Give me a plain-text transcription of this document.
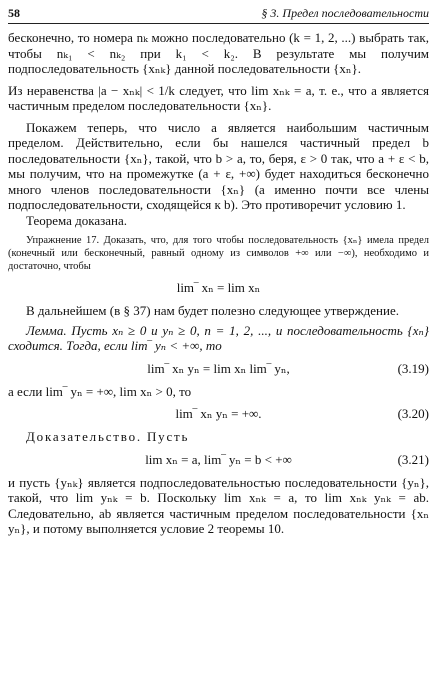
58	§ 3. Предел последовательности

бесконечно, то номера nₖ можно последовательно (k = 1, 2, ...) выбрать так, чтобы nₖ₁ < nₖ₂ при k₁ < k₂. В результате мы получим подпоследовательность {xₙₖ} данной последовательности {xₙ}.

Из неравенства |a − xₙₖ| < 1/k следует, что lim xₙₖ = a, т. е., что a является частичным пределом последовательности {xₙ}.

Покажем теперь, что число a является наибольшим частичным пределом. Действительно, если бы нашелся частичный предел b последовательности {xₙ}, такой, что b > a, то, беря, ε > 0 так, что a + ε < b, мы получим, что на промежутке (a + ε, +∞) будет находиться бесконечно много членов последовательности {xₙ} (а именно почти все члены подпоследовательности, сходящейся к b). Это противоречит условию 1.

Теорема доказана.

Упражнение 17. Доказать, что, для того чтобы последовательность {xₙ} имела предел (конечный или бесконечный, равный одному из символов +∞ или −∞), необходимо и достаточно, чтобы

lim‾ xₙ = lim xₙ

В дальнейшем (в § 37) нам будет полезно следующее утверждение.

Лемма. Пусть xₙ ≥ 0 и yₙ ≥ 0, n = 1, 2, ..., и последовательность {xₙ} сходится. Тогда, если lim‾ yₙ < +∞, то

lim‾ xₙ yₙ = lim xₙ lim‾ yₙ,	(3.19)

а если lim‾ yₙ = +∞, lim xₙ > 0, то

lim‾ xₙ yₙ = +∞.	(3.20)

Доказательство. Пусть

lim xₙ = a, lim‾ yₙ = b < +∞	(3.21)

и пусть {yₙₖ} является подпоследовательностью последовательности {yₙ}, такой, что lim yₙₖ = b. Поскольку lim xₙₖ = a, то lim xₙₖ yₙₖ = ab. Следовательно, ab является частичным пределом последовательности {xₙ yₙ}, и потому выполняется условие 2 теоремы 10.
